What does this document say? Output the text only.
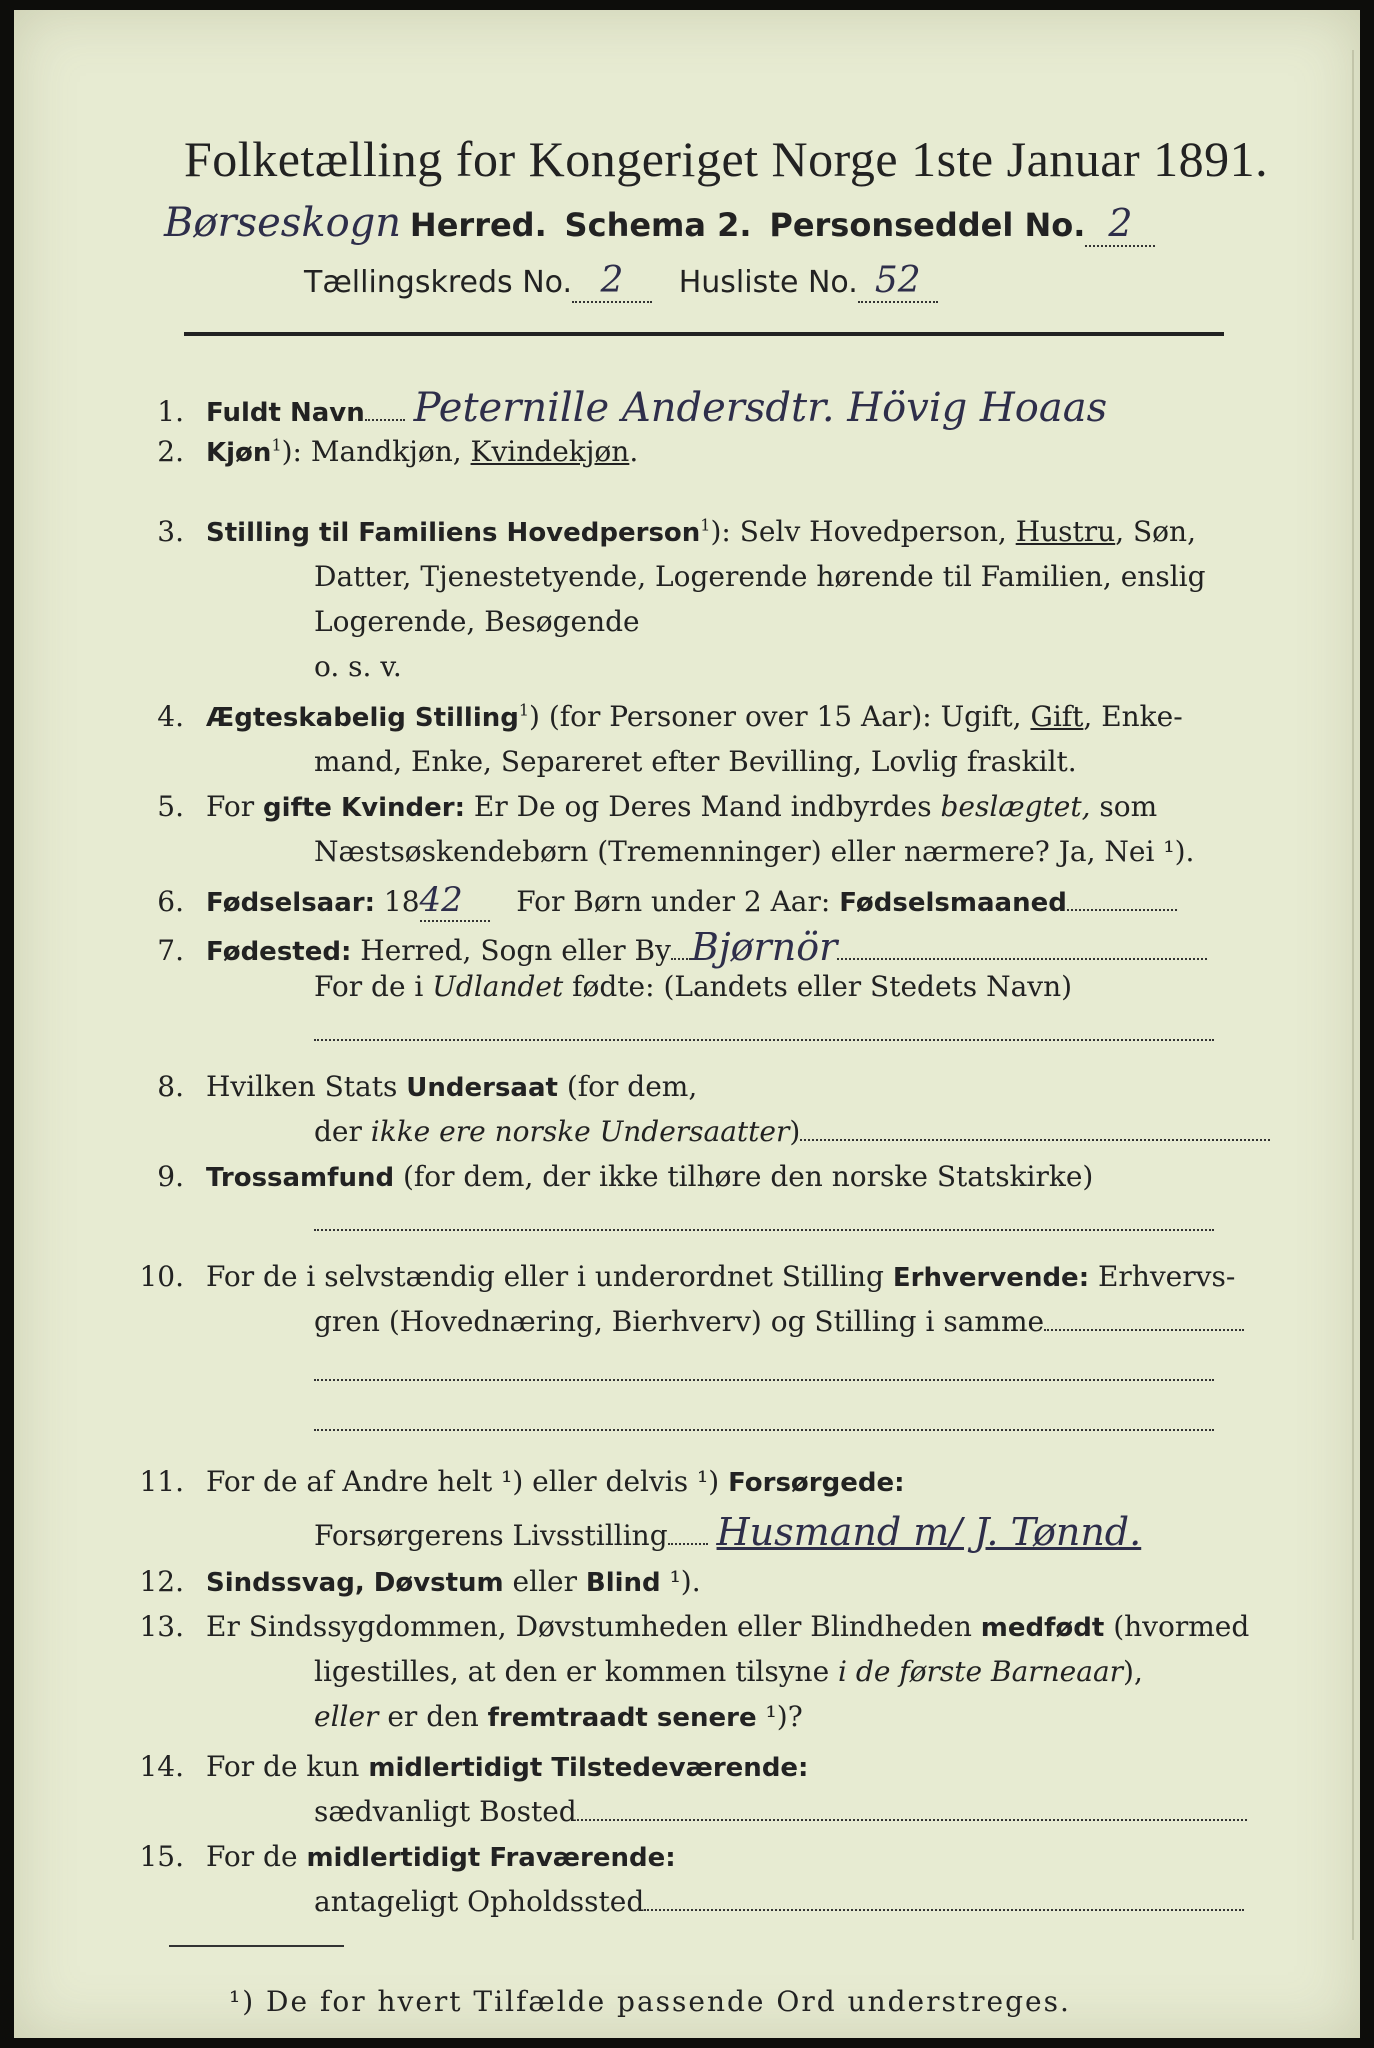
Folketælling for Kongeriget Norge 1ste Januar 1891.
Børseskogn Herred. Schema 2. Personseddel No. 2
Tællingskreds No. 2 Husliste No. 52
1. Fuldt Navn Peternille Andersdtr. Hövig Hoaas
2. Kjøn$^1$): Mandkjøn, Kvindekjøn.
3. Stilling til Familiens Hovedperson$^1$): Selv Hovedperson, Hustru, Søn,
Datter, Tjenestetyende, Logerende hørende til Familien, enslig
Logerende, Besøgende
o. s. v.
4. Ægteskabelig Stilling$^1$) (for Personer over 15 Aar): Ugift, Gift, Enke-
mand, Enke, Separeret efter Bevilling, Lovlig fraskilt.
5. For gifte Kvinder: Er De og Deres Mand indbyrdes beslægtet, som
Næstsøskendebørn (Tremenninger) eller nærmere? Ja, Nei ¹).
6. Fødselsaar: 1842 For Børn under 2 Aar: Fødselsmaaned
7. Fødested: Herred, Sogn eller By Bjørnör
For de i Udlandet fødte: (Landets eller Stedets Navn)
8. Hvilken Stats Undersaat (for dem,
der ikke ere norske Undersaatter)
9. Trossamfund (for dem, der ikke tilhøre den norske Statskirke)
10. For de i selvstændig eller i underordnet Stilling Erhvervende: Erhvervs-
gren (Hovednæring, Bierhverv) og Stilling i samme
11. For de af Andre helt ¹) eller delvis ¹) Forsørgede:
Forsørgerens Livsstilling Husmand m/ J. Tønnd.
12. Sindssvag, Døvstum eller Blind ¹).
13. Er Sindssygdommen, Døvstumheden eller Blindheden medfødt (hvormed
ligestilles, at den er kommen tilsyne i de første Barneaar),
eller er den fremtraadt senere ¹)?
14. For de kun midlertidigt Tilstedeværende:
sædvanligt Bosted
15. For de midlertidigt Fraværende:
antageligt Opholdssted
¹) De for hvert Tilfælde passende Ord understreges.
